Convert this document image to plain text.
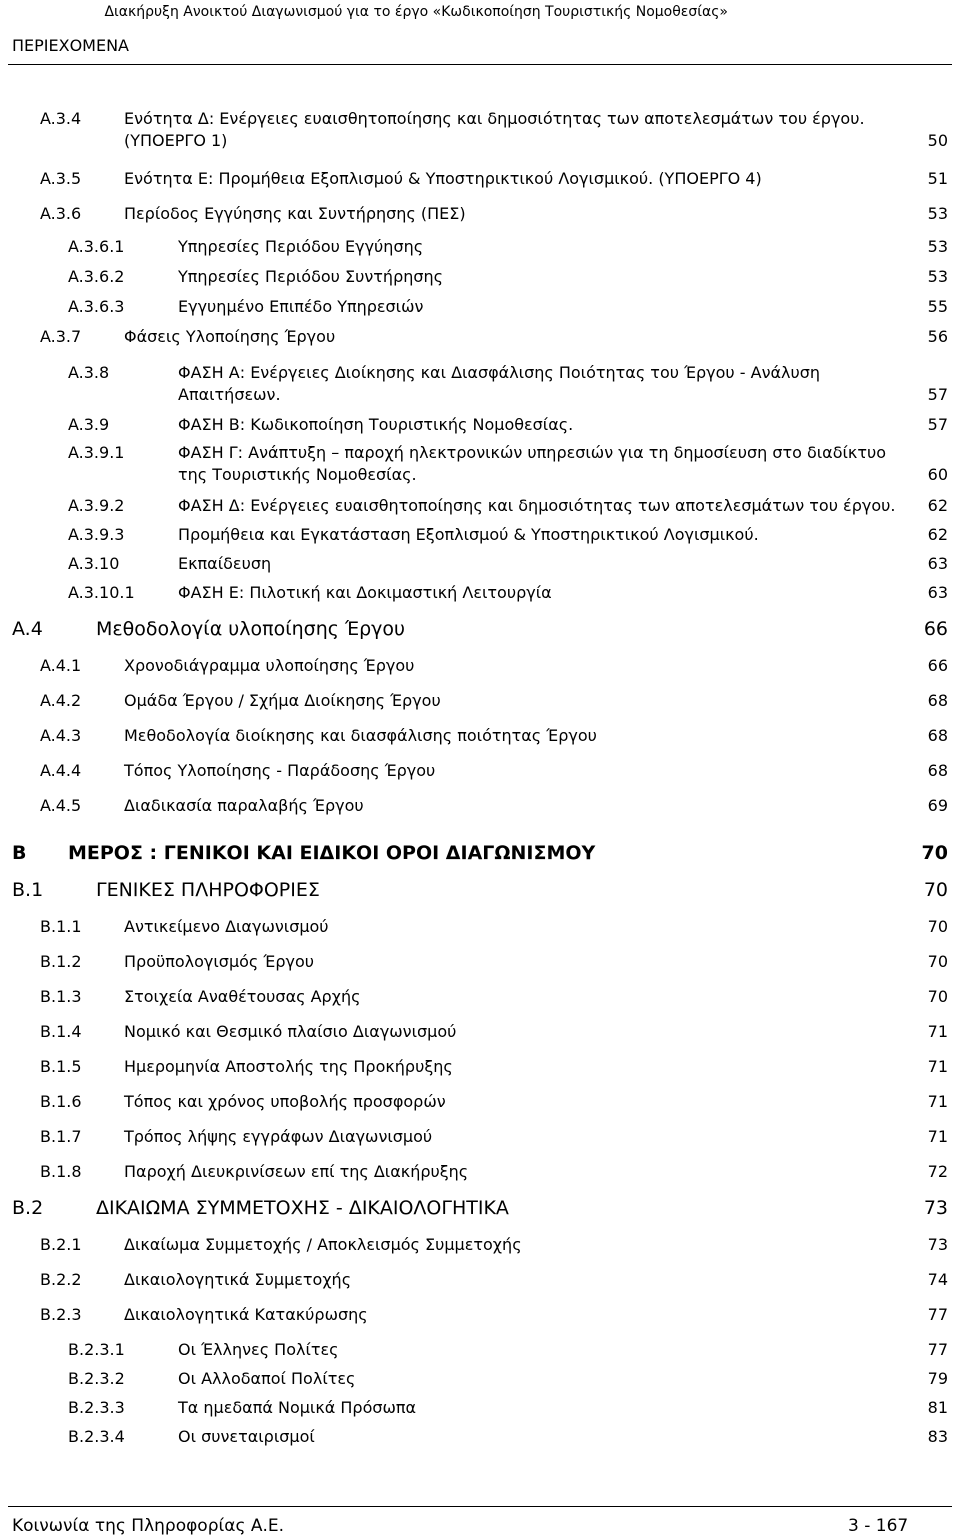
Διακήρυξη Ανοικτού Διαγωνισμού για το έργο «Κωδικοποίηση Τουριστικής Νομοθεσίας»
ΠΕΡΙΕΧΟΜΕΝΑ
A.3.4	Ενότητα Δ: Ενέργειες ευαισθητοποίησης και δημοσιότητας των αποτελεσμάτων του έργου.
(ΥΠΟΕΡΓΟ 1)	50
A.3.5	Ενότητα Ε: Προμήθεια Εξοπλισμού & Υποστηρικτικού Λογισμικού. (ΥΠΟΕΡΓΟ 4)	51
A.3.6	Περίοδος Εγγύησης και Συντήρησης (ΠΕΣ)	53
A.3.6.1	Υπηρεσίες Περιόδου Εγγύησης	53
A.3.6.2	Υπηρεσίες Περιόδου Συντήρησης	53
A.3.6.3	Εγγυημένο Επιπέδο Υπηρεσιών	55
A.3.7	Φάσεις Υλοποίησης Έργου	56
A.3.8	ΦΑΣΗ Α: Ενέργειες Διοίκησης και Διασφάλισης Ποιότητας του Έργου - Ανάλυση
Απαιτήσεων.	57
A.3.9	ΦΑΣΗ Β: Κωδικοποίηση Τουριστικής Νομοθεσίας.	57
A.3.9.1	ΦΑΣΗ Γ: Ανάπτυξη – παροχή ηλεκτρονικών υπηρεσιών για τη δημοσίευση στο διαδίκτυο
της Τουριστικής Νομοθεσίας.	60
A.3.9.2	ΦΑΣΗ Δ: Ενέργειες ευαισθητοποίησης και δημοσιότητας των αποτελεσμάτων του έργου. 62
A.3.9.3	Προμήθεια και Εγκατάσταση Εξοπλισμού & Υποστηρικτικού Λογισμικού.	62
A.3.10	Εκπαίδευση	63
A.3.10.1	ΦΑΣΗ Ε: Πιλοτική και Δοκιμαστική Λειτουργία	63
A.4	Μεθοδολογία υλοποίησης Έργου	66
A.4.1	Χρονοδιάγραμμα υλοποίησης Έργου	66
A.4.2	Ομάδα Έργου / Σχήμα Διοίκησης Έργου	68
A.4.3	Μεθοδολογία διοίκησης και διασφάλισης ποιότητας Έργου	68
A.4.4	Τόπος Υλοποίησης - Παράδοσης Έργου	68
A.4.5	Διαδικασία παραλαβής Έργου	69
B ΜΕΡΟΣ : ΓΕΝΙΚΟΙ ΚΑΙ ΕΙΔΙΚΟΙ ΟΡΟΙ ΔΙΑΓΩΝΙΣΜΟΥ	70
B.1	ΓΕΝΙΚΕΣ ΠΛΗΡΟΦΟΡΙΕΣ	70
B.1.1	Αντικείμενο Διαγωνισμού	70
B.1.2	Προϋπολογισμός Έργου	70
B.1.3	Στοιχεία Αναθέτουσας Αρχής	70
B.1.4	Νομικό και Θεσμικό πλαίσιο Διαγωνισμού	71
B.1.5	Ημερομηνία Αποστολής της Προκήρυξης	71
B.1.6	Τόπος και χρόνος υποβολής προσφορών	71
B.1.7	Τρόπος λήψης εγγράφων Διαγωνισμού	71
B.1.8	Παροχή Διευκρινίσεων επί της Διακήρυξης	72
B.2	ΔΙΚΑΙΩΜΑ ΣΥΜΜΕΤΟΧΗΣ - ΔΙΚΑΙΟΛΟΓΗΤΙΚΑ	73
B.2.1	Δικαίωμα Συμμετοχής / Αποκλεισμός Συμμετοχής	73
B.2.2	Δικαιολογητικά Συμμετοχής	74
B.2.3	Δικαιολογητικά Κατακύρωσης	77
B.2.3.1	Οι Έλληνες Πολίτες	77
B.2.3.2	Οι Αλλοδαποί Πολίτες	79
B.2.3.3	Τα ημεδαπά Νομικά Πρόσωπα	81
B.2.3.4	Οι συνεταιρισμοί	83
Κοινωνία της Πληροφορίας Α.Ε.	3 - 167
